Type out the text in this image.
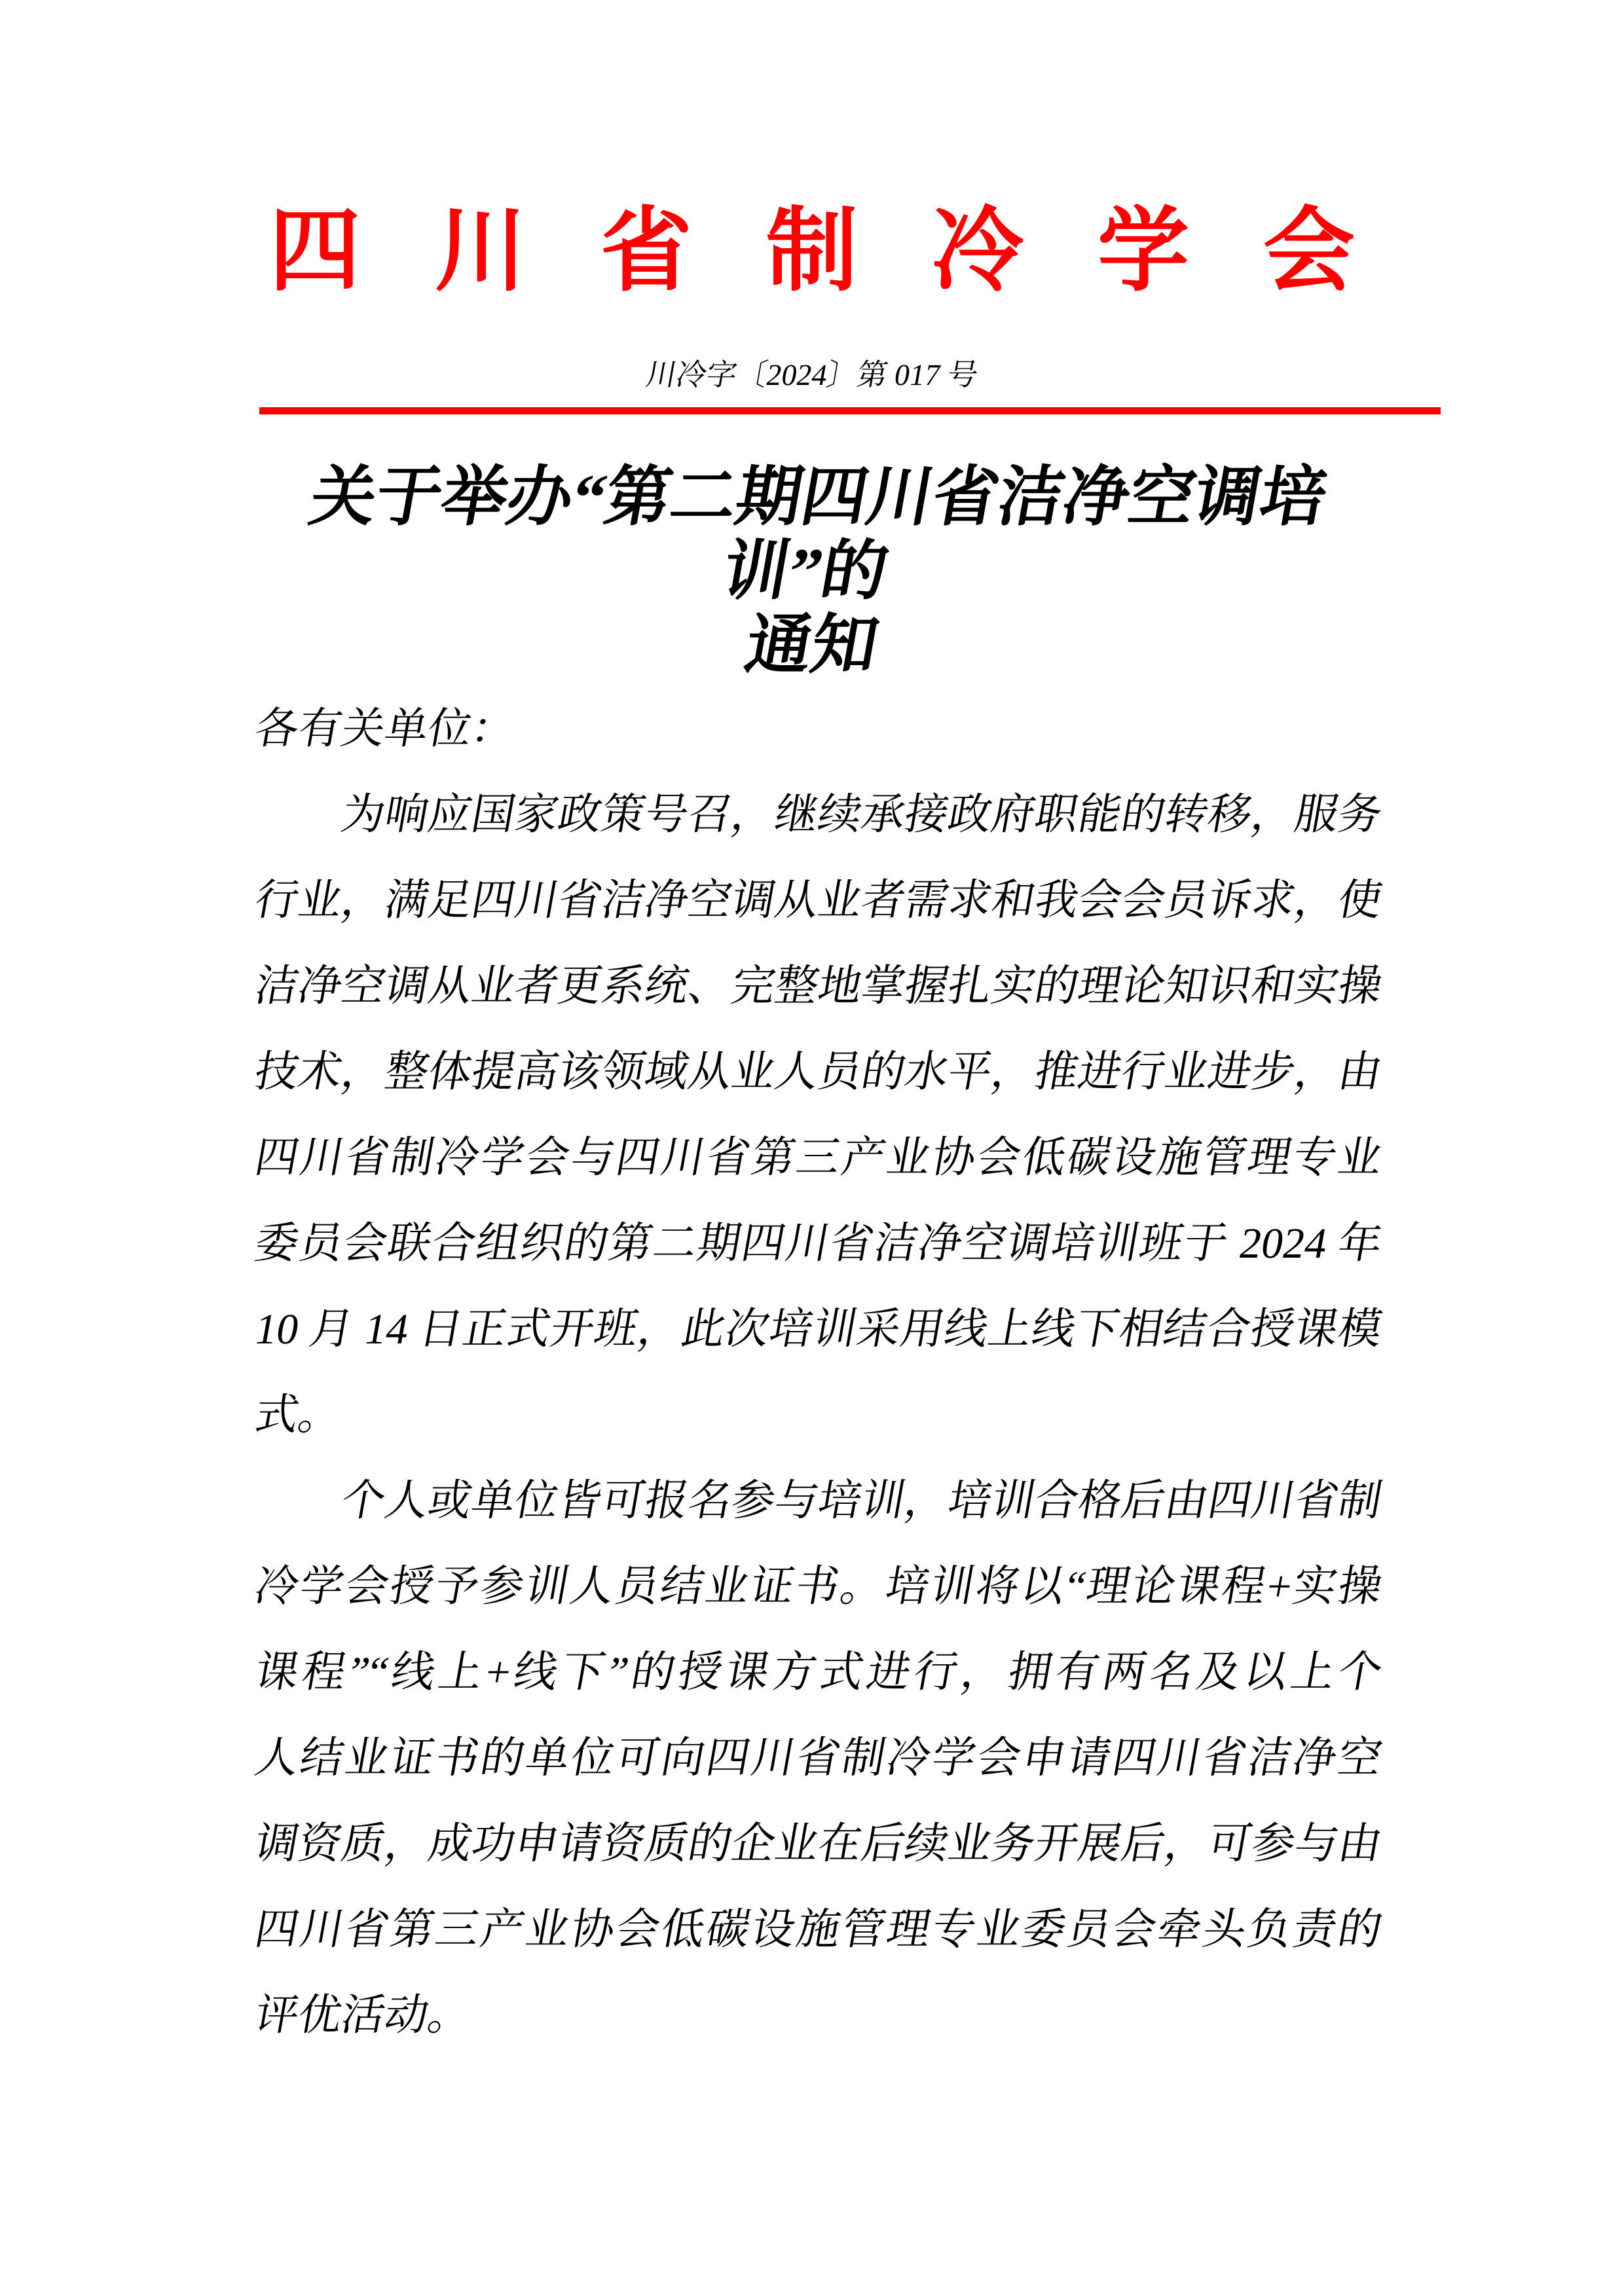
四川省制冷学会
川冷字〔2024〕第 017 号
关于举办“第二期四川省洁净空调培训”的
通知
各有关单位：
为响应国家政策号召，继续承接政府职能的转移，服务
行业，满足四川省洁净空调从业者需求和我会会员诉求，使
洁净空调从业者更系统、完整地掌握扎实的理论知识和实操
技术，整体提高该领域从业人员的水平，推进行业进步，由
四川省制冷学会与四川省第三产业协会低碳设施管理专业
委员会联合组织的第二期四川省洁净空调培训班于 2024 年
10 月 14 日正式开班，此次培训采用线上线下相结合授课模
式。
个人或单位皆可报名参与培训，培训合格后由四川省制
冷学会授予参训人员结业证书。培训将以“理论课程+实操
课程”“线上+线下”的授课方式进行，拥有两名及以上个
人结业证书的单位可向四川省制冷学会申请四川省洁净空
调资质，成功申请资质的企业在后续业务开展后，可参与由
四川省第三产业协会低碳设施管理专业委员会牵头负责的
评优活动。
